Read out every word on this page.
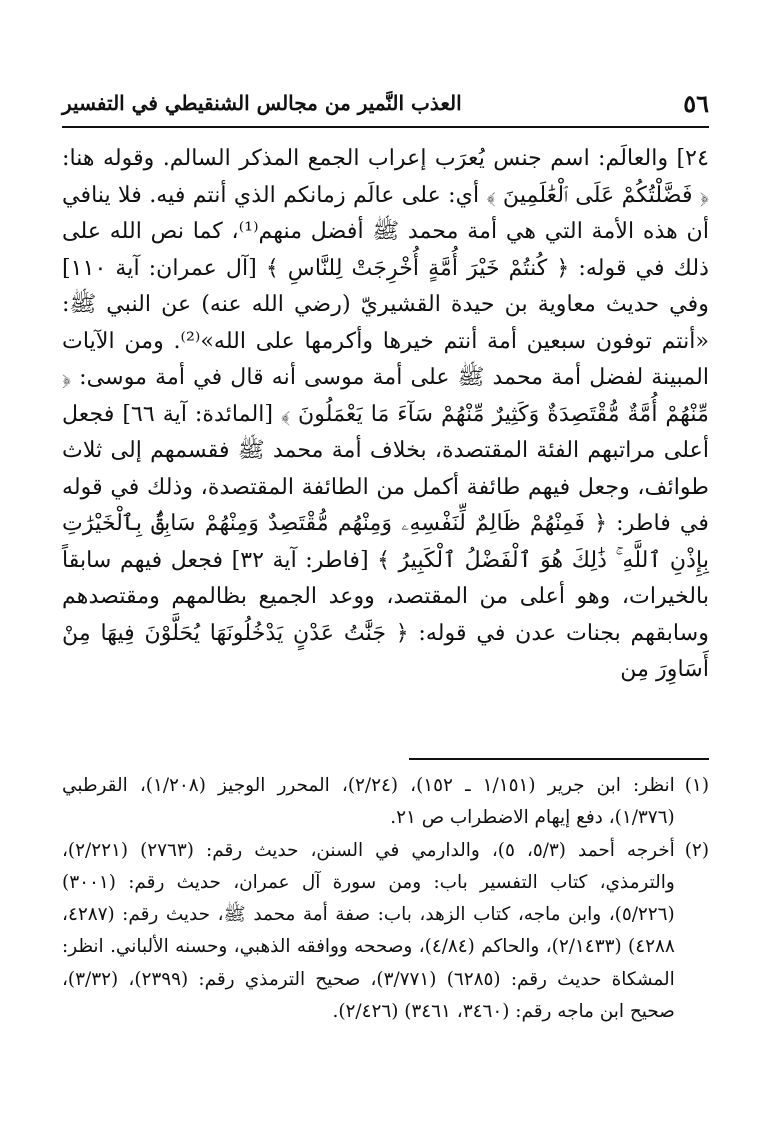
٥٦
العذب النَّمير من مجالس الشنقيطي في التفسير

٢٤] والعالَم: اسم جنس يُعرَب إعراب الجمع المذكر السالم. وقوله هنا: ﴿ فَضَّلْتُكُمْ عَلَى ٱلْعَٰلَمِينَ ﴾ أي: على عالَم زمانكم الذي أنتم فيه. فلا ينافي أن هذه الأمة التي هي أمة محمد ﷺ أفضل منهم⁽¹⁾، كما نص الله على ذلك في قوله: ﴿ كُنتُمْ خَيْرَ أُمَّةٍ أُخْرِجَتْ لِلنَّاسِ ﴾ [آل عمران: آية ١١٠] وفي حديث معاوية بن حيدة القشيريّ (رضي الله عنه) عن النبي ﷺ: «أنتم توفون سبعين أمة أنتم خيرها وأكرمها على الله»⁽²⁾. ومن الآيات المبينة لفضل أمة محمد ﷺ على أمة موسى أنه قال في أمة موسى: ﴿ مِّنْهُمْ أُمَّةٌ مُّقْتَصِدَةٌ وَكَثِيرٌ مِّنْهُمْ سَآءَ مَا يَعْمَلُونَ ﴾ [المائدة: آية ٦٦] فجعل أعلى مراتبهم الفئة المقتصدة، بخلاف أمة محمد ﷺ فقسمهم إلى ثلاث طوائف، وجعل فيهم طائفة أكمل من الطائفة المقتصدة، وذلك في قوله في فاطر: ﴿ فَمِنْهُمْ ظَالِمٌ لِّنَفْسِهِۦ وَمِنْهُم مُّقْتَصِدٌ وَمِنْهُمْ سَابِقٌۢ بِٱلْخَيْرَٰتِ بِإِذْنِ ٱللَّهِ ۚ ذَٰلِكَ هُوَ ٱلْفَضْلُ ٱلْكَبِيرُ ﴾ [فاطر: آية ٣٢] فجعل فيهم سابقاً بالخيرات، وهو أعلى من المقتصد، ووعد الجميع بظالمهم ومقتصدهم وسابقهم بجنات عدن في قوله: ﴿ جَنَّٰتُ عَدْنٍ يَدْخُلُونَهَا يُحَلَّوْنَ فِيهَا مِنْ أَسَاوِرَ مِن

(١)
انظر: ابن جرير (١/١٥١ ـ ١٥٢)، (٢/٢٤)، المحرر الوجيز (١/٢٠٨)، القرطبي (١/٣٧٦)، دفع إيهام الاضطراب ص ٢١.
(٢)
أخرجه أحمد (٥/٣، ٥)، والدارمي في السنن، حديث رقم: (٢٧٦٣) (٢/٢٢١)، والترمذي، كتاب التفسير باب: ومن سورة آل عمران، حديث رقم: (٣٠٠١) (٥/٢٢٦)، وابن ماجه، كتاب الزهد، باب: صفة أمة محمد ﷺ، حديث رقم: (٤٢٨٧، ٤٢٨٨) (٢/١٤٣٣)، والحاكم (٤/٨٤)، وصححه ووافقه الذهبي، وحسنه الألباني. انظر: المشكاة حديث رقم: (٦٢٨٥) (٣/٧٧١)، صحيح الترمذي رقم: (٢٣٩٩)، (٣/٣٢)، صحيح ابن ماجه رقم: (٣٤٦٠، ٣٤٦١) (٢/٤٢٦).
